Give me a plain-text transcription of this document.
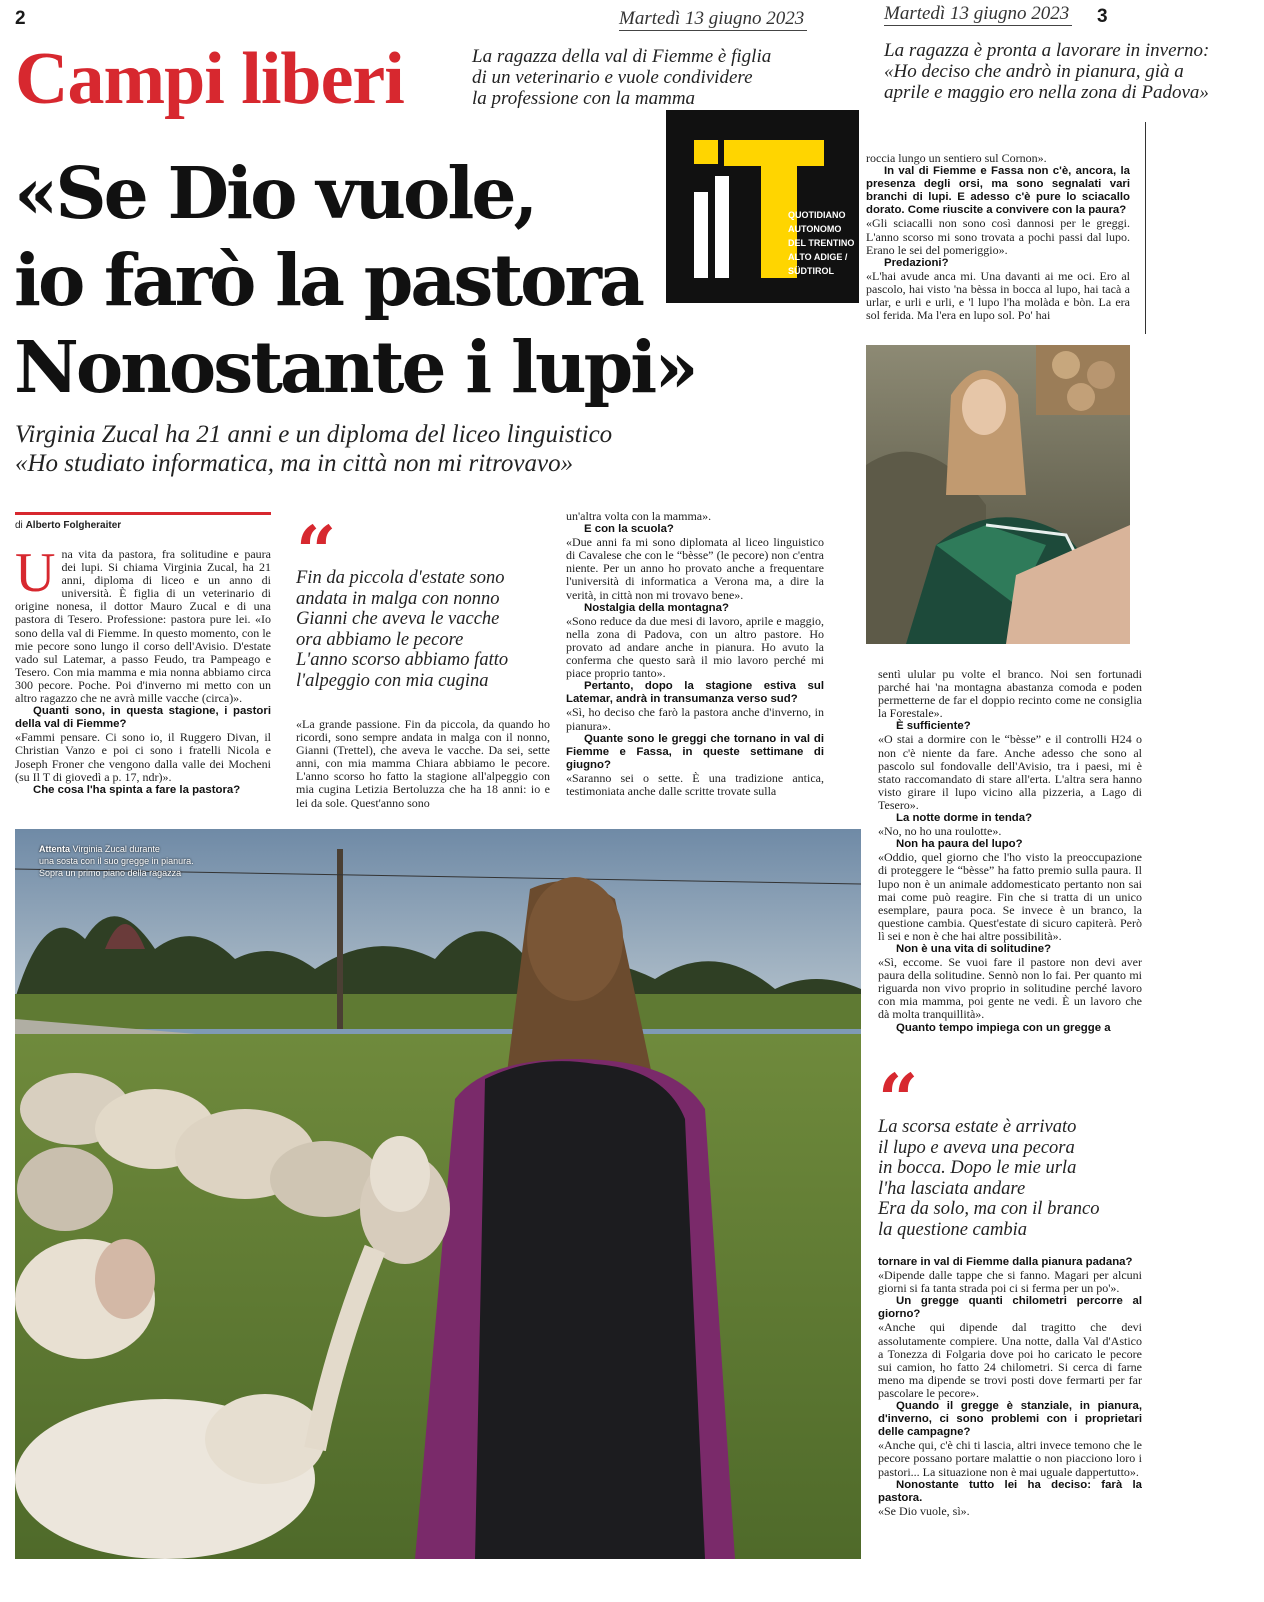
2	Martedì 13 giugno 2023	Martedì 13 giugno 2023 3
Campi liberi	La ragazza della val di Fiemme è figlia
di un veterinario e vuole condividere
la professione con la mamma
La ragazza è pronta a lavorare in inverno:
«Ho deciso che andrò in pianura, già a
aprile e maggio ero nella zona di Padova»
QUOTIDIANO
AUTONOMO
DEL TRENTINO
ALTO ADIGE /
SÜDTIROL
«Se Dio vuole,
io farò la pastora
Nonostante i lupi»
Virginia Zucal ha 21 anni e un diploma del liceo linguistico
«Ho studiato informatica, ma in città non mi ritrovavo»
di Alberto Folgheraiter
U na vita da pastora, fra solitudine e paura dei lupi. Si chiama Virginia Zucal, ha 21 anni, diploma di liceo e un anno di università. È figlia di un veterinario di origine nonesa, il dottor Mauro Zucal e di una pastora di Tesero. Professione: pastora pure lei. «Io sono della val di Fiemme. In questo momento, con le mie pecore sono lungo il corso dell'Avisio. D'estate vado sul Latemar, a passo Feudo, tra Pampeago e Tesero. Con mia mamma e mia nonna abbiamo circa 300 pecore. Poche. Poi d'inverno mi metto con un altro ragazzo che ne avrà mille vacche (circa)».

Quanti sono, in questa stagione, i pastori della val di Fiemme?

«Fammi pensare. Ci sono io, il Ruggero Divan, il Christian Vanzo e poi ci sono i fratelli Nicola e Joseph Froner che vengono dalla valle dei Mocheni (su Il T di giovedì a p. 17, ndr)».

Che cosa l'ha spinta a fare la pastora?

“
Fin da piccola d'estate sono
andata in malga con nonno
Gianni che aveva le vacche
ora abbiamo le pecore
L'anno scorso abbiamo fatto
l'alpeggio con mia cugina

«La grande passione. Fin da piccola, da quando ho ricordi, sono sempre andata in malga con il nonno, Gianni (Trettel), che aveva le vacche. Da sei, sette anni, con mia mamma Chiara abbiamo le pecore. L'anno scorso ho fatto la stagione all'alpeggio con mia cugina Letizia Bertoluzza che ha 18 anni: io e lei da sole. Quest'anno sono

un'altra volta con la mamma».

E con la scuola?

«Due anni fa mi sono diplomata al liceo linguistico di Cavalese che con le “bèsse” (le pecore) non c'entra niente. Per un anno ho provato anche a frequentare l'università di informatica a Verona ma, a dire la verità, in città non mi trovavo bene».

Nostalgia della montagna?

«Sono reduce da due mesi di lavoro, aprile e maggio, nella zona di Padova, con un altro pastore. Ho provato ad andare anche in pianura. Ho avuto la conferma che questo sarà il mio lavoro perché mi piace proprio tanto».

Pertanto, dopo la stagione estiva sul Latemar, andrà in transumanza verso sud?

«Sì, ho deciso che farò la pastora anche d'inverno, in pianura».

Quante sono le greggi che tornano in val di Fiemme e Fassa, in queste settimane di giugno?

«Saranno sei o sette. È una tradizione antica, testimoniata anche dalle scritte trovate sulla

roccia lungo un sentiero sul Cornon».

In val di Fiemme e Fassa non c'è, ancora, la presenza degli orsi, ma sono segnalati vari branchi di lupi. E adesso c'è pure lo sciacallo dorato. Come riuscite a convivere con la paura?

«Gli sciacalli non sono così dannosi per le greggi. L'anno scorso mi sono trovata a pochi passi dal lupo. Erano le sei del pomeriggio».

Predazioni?

«L'hai avude anca mi. Una davanti ai me oci. Ero al pascolo, hai visto 'na bèssa in bocca al lupo, hai tacà a urlar, e urli e urli, e 'l lupo l'ha molàda e bòn. La era sol ferida. Ma l'era en lupo sol. Po' hai

sentì ulular pu volte el branco. Noi sen fortunadi parché hai 'na montagna abastanza comoda e poden permetterne de far el doppio recinto come ne consiglia la Forestale».

È sufficiente?

«O stai a dormire con le “bèsse” e il controlli H24 o non c'è niente da fare. Anche adesso che sono al pascolo sul fondovalle dell'Avisio, tra i paesi, mi è stato raccomandato di stare all'erta. L'altra sera hanno visto girare il lupo vicino alla pizzeria, a Lago di Tesero».

La notte dorme in tenda?

«No, no ho una roulotte».

Non ha paura del lupo?

«Oddio, quel giorno che l'ho visto la preoccupazione di proteggere le “bèsse” ha fatto premio sulla paura. Il lupo non è un animale addomesticato pertanto non sai mai come può reagire. Fin che si tratta di un unico esemplare, paura poca. Se invece è un branco, la questione cambia. Quest'estate di sicuro capiterà. Però lì sei e non è che hai altre possibilità».

Non è una vita di solitudine?

«Sì, eccome. Se vuoi fare il pastore non devi aver paura della solitudine. Sennò non lo fai. Per quanto mi riguarda non vivo proprio in solitudine perché lavoro con mia mamma, poi gente ne vedi. È un lavoro che dà molta tranquillità».

Quanto tempo impiega con un gregge a

“
La scorsa estate è arrivato
il lupo e aveva una pecora
in bocca. Dopo le mie urla
l'ha lasciata andare
Era da solo, ma con il branco
la questione cambia

tornare in val di Fiemme dalla pianura padana?

«Dipende dalle tappe che si fanno. Magari per alcuni giorni si fa tanta strada poi ci si ferma per un po'».

Un gregge quanti chilometri percorre al giorno?

«Anche qui dipende dal tragitto che devi assolutamente compiere. Una notte, dalla Val d'Astico a Tonezza di Folgaria dove poi ho caricato le pecore sui camion, ho fatto 24 chilometri. Si cerca di farne meno ma dipende se trovi posti dove fermarti per far pascolare le pecore».

Quando il gregge è stanziale, in pianura, d'inverno, ci sono problemi con i proprietari delle campagne?

«Anche qui, c'è chi ti lascia, altri invece temono che le pecore possano portare malattie o non piacciono loro i pastori... La situazione non è mai uguale dappertutto».

Nonostante tutto lei ha deciso: farà la pastora.

«Se Dio vuole, sì».

Attenta Virginia Zucal durante
una sosta con il suo gregge in pianura.
Sopra un primo piano della ragazza
